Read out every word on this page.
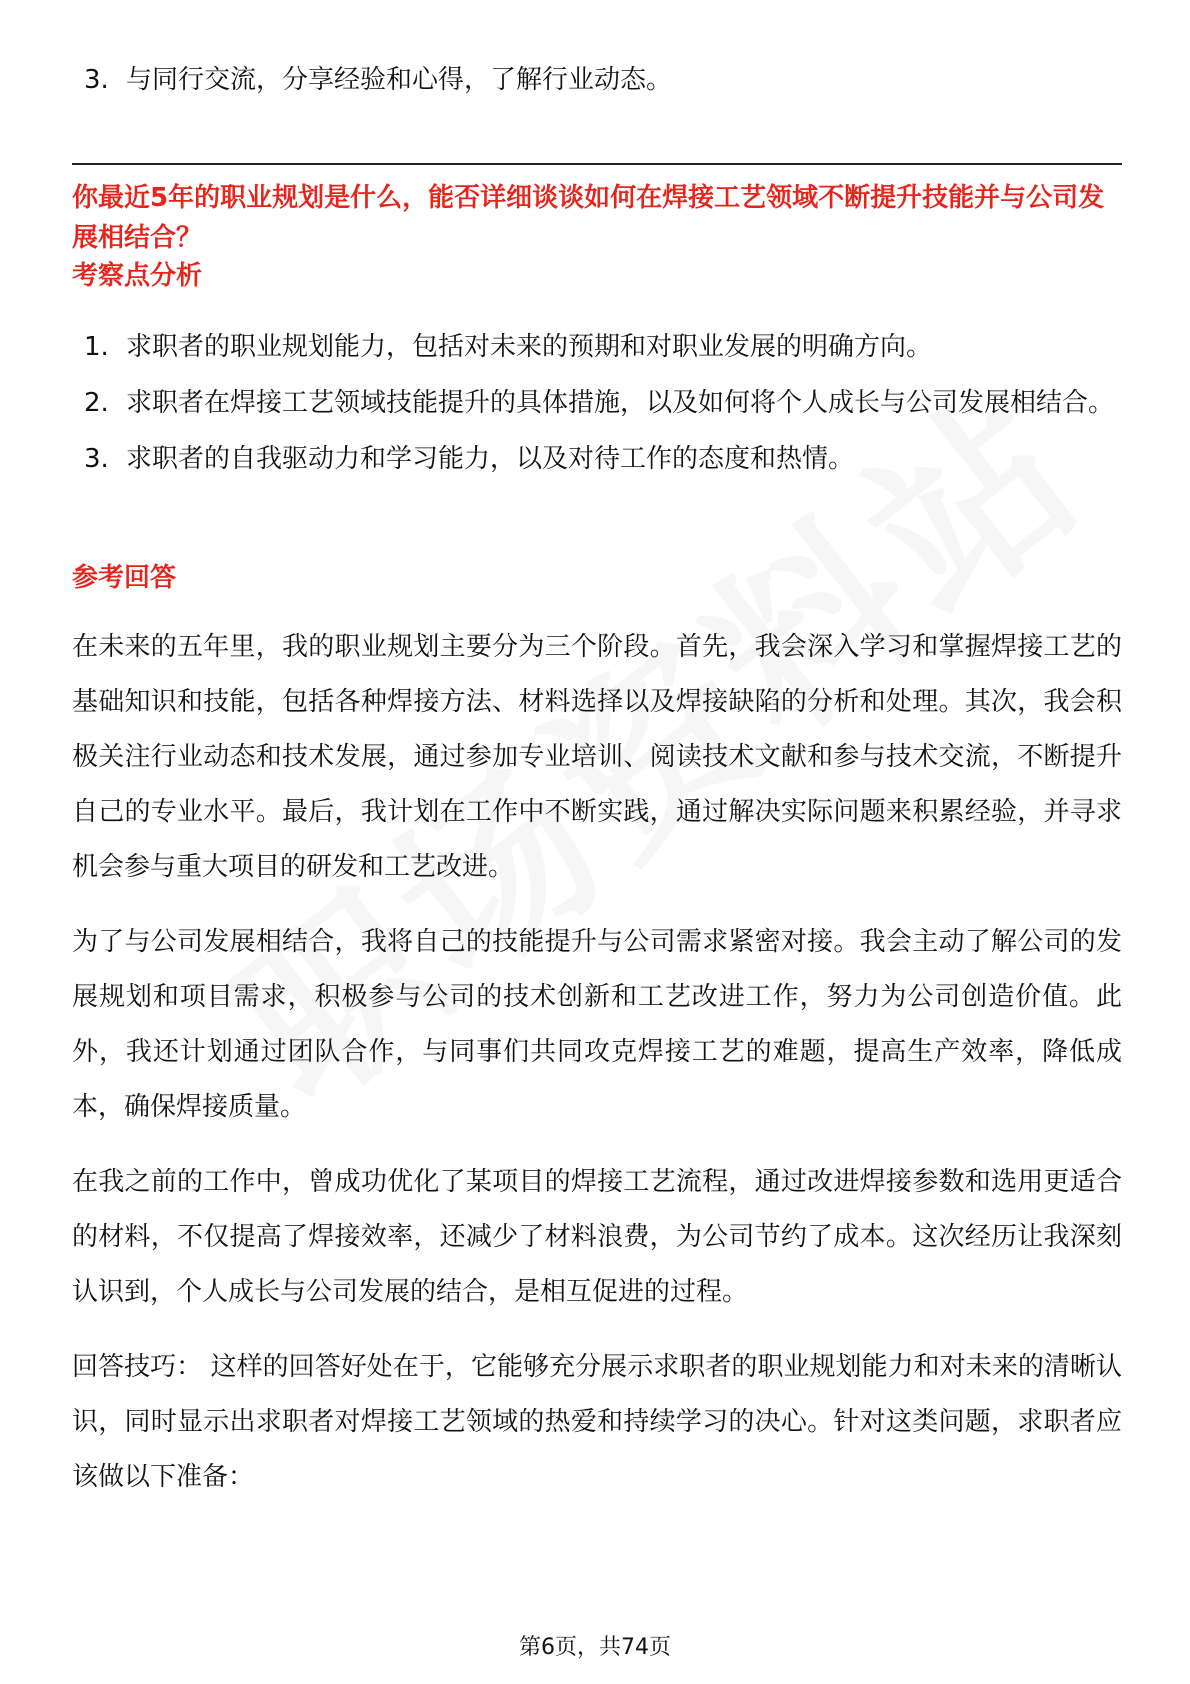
3. 与同行交流，分享经验和心得，了解行业动态。
你最近5年的职业规划是什么，能否详细谈谈如何在焊接工艺领域不断提升技能并与公司发展相结合？
考察点分析
1. 求职者的职业规划能力，包括对未来的预期和对职业发展的明确方向。
2. 求职者在焊接工艺领域技能提升的具体措施，以及如何将个人成长与公司发展相结合。
3. 求职者的自我驱动力和学习能力，以及对待工作的态度和热情。
参考回答

在未来的五年里，我的职业规划主要分为三个阶段。首先，我会深入学习和掌握焊接工艺的基础知识和技能，包括各种焊接方法、材料选择以及焊接缺陷的分析和处理。其次，我会积极关注行业动态和技术发展，通过参加专业培训、阅读技术文献和参与技术交流，不断提升自己的专业水平。最后，我计划在工作中不断实践，通过解决实际问题来积累经验，并寻求机会参与重大项目的研发和工艺改进。

为了与公司发展相结合，我将自己的技能提升与公司需求紧密对接。我会主动了解公司的发展规划和项目需求，积极参与公司的技术创新和工艺改进工作，努力为公司创造价值。此外，我还计划通过团队合作，与同事们共同攻克焊接工艺的难题，提高生产效率，降低成本，确保焊接质量。

在我之前的工作中，曾成功优化了某项目的焊接工艺流程，通过改进焊接参数和选用更适合的材料，不仅提高了焊接效率，还减少了材料浪费，为公司节约了成本。这次经历让我深刻认识到，个人成长与公司发展的结合，是相互促进的过程。

回答技巧： 这样的回答好处在于，它能够充分展示求职者的职业规划能力和对未来的清晰认识，同时显示出求职者对焊接工艺领域的热爱和持续学习的决心。针对这类问题，求职者应该做以下准备：

第6页，共74页
